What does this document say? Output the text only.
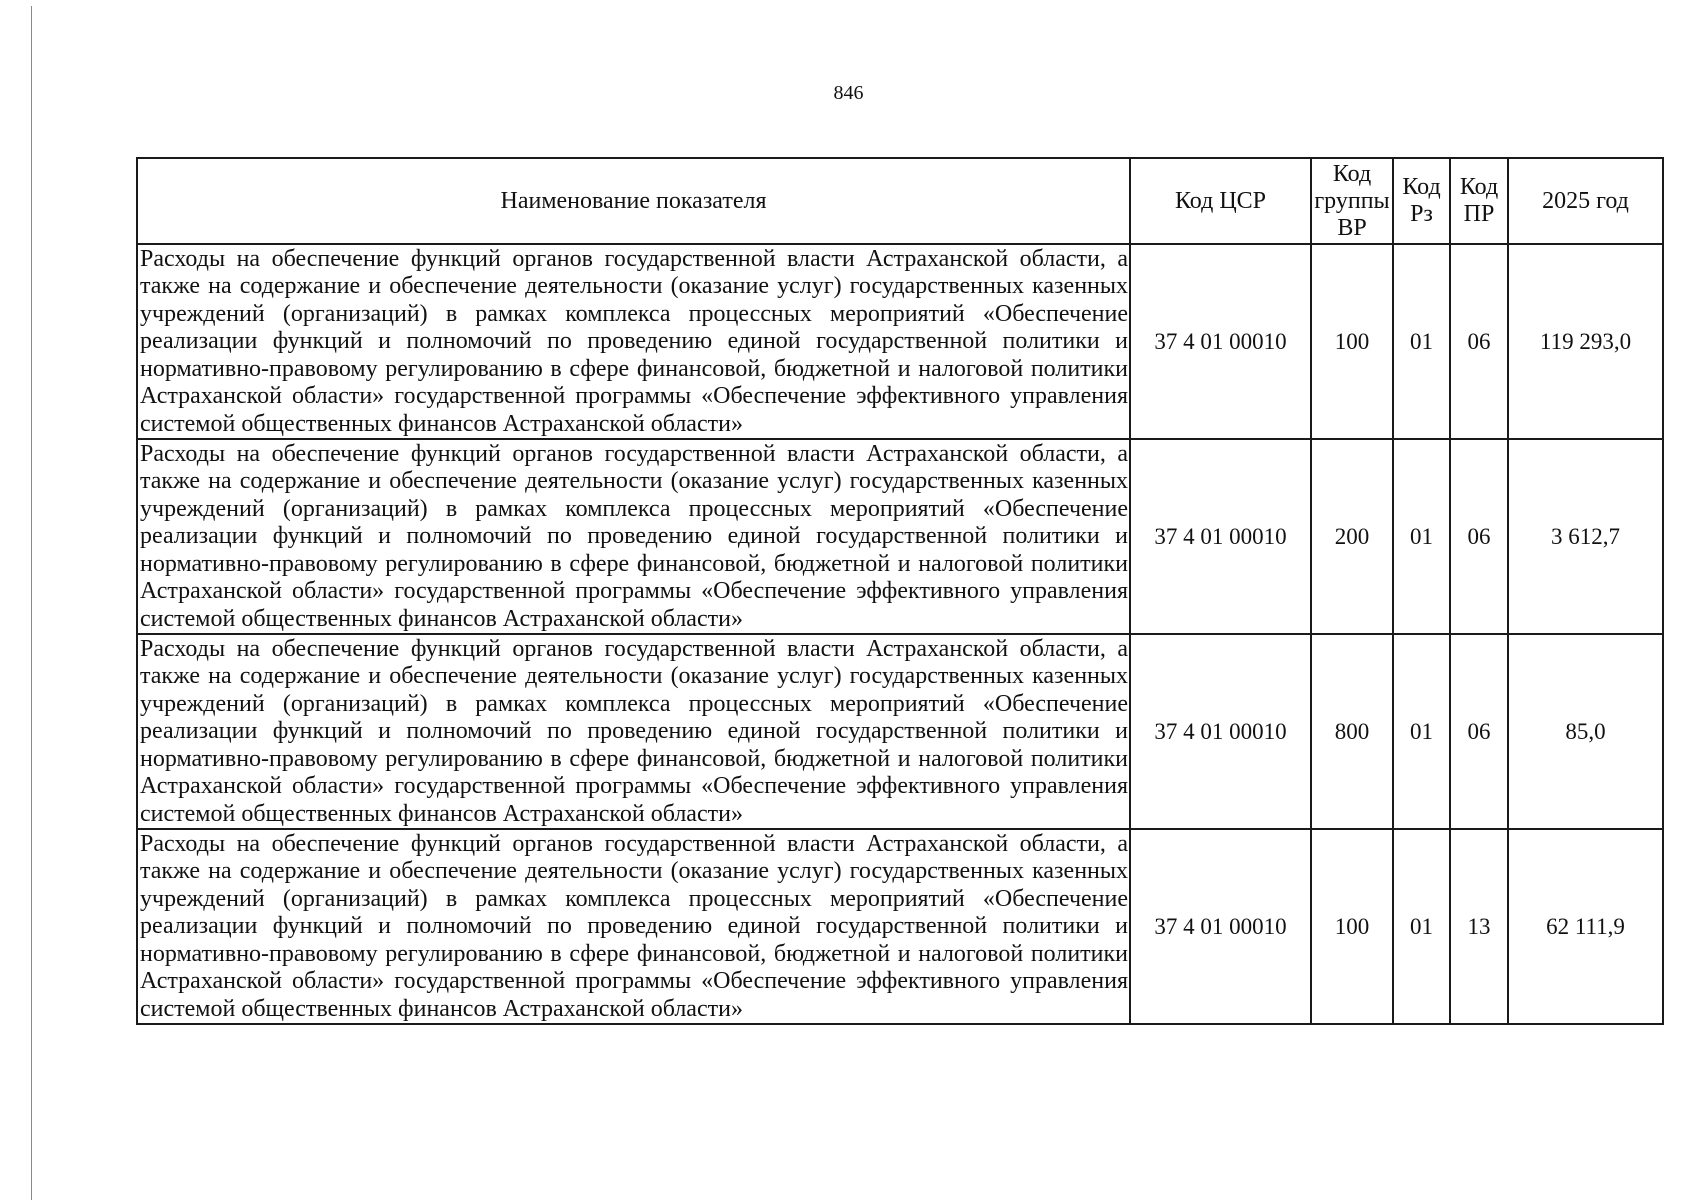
846
Наименование показателя	Код ЦСР	Код группы ВР	Код Рз	Код ПР	2025 год
Расходы на обеспечение функций органов государственной власти Астраханской области, а также на содержание и обеспечение деятельности (оказание услуг) государственных казенных учреждений (организаций) в рамках комплекса процессных мероприятий «Обеспечение реализации функций и полномочий по проведению единой государственной политики и нормативно-правовому регулированию в сфере финансовой, бюджетной и налоговой политики Астраханской области» государственной программы «Обеспечение эффективного управления системой общественных финансов Астраханской области»	37 4 01 00010	100	01	06	119 293,0
Расходы на обеспечение функций органов государственной власти Астраханской области, а также на содержание и обеспечение деятельности (оказание услуг) государственных казенных учреждений (организаций) в рамках комплекса процессных мероприятий «Обеспечение реализации функций и полномочий по проведению единой государственной политики и нормативно-правовому регулированию в сфере финансовой, бюджетной и налоговой политики Астраханской области» государственной программы «Обеспечение эффективного управления системой общественных финансов Астраханской области»	37 4 01 00010	200	01	06	3 612,7
Расходы на обеспечение функций органов государственной власти Астраханской области, а также на содержание и обеспечение деятельности (оказание услуг) государственных казенных учреждений (организаций) в рамках комплекса процессных мероприятий «Обеспечение реализации функций и полномочий по проведению единой государственной политики и нормативно-правовому регулированию в сфере финансовой, бюджетной и налоговой политики Астраханской области» государственной программы «Обеспечение эффективного управления системой общественных финансов Астраханской области»	37 4 01 00010	800	01	06	85,0
Расходы на обеспечение функций органов государственной власти Астраханской области, а также на содержание и обеспечение деятельности (оказание услуг) государственных казенных учреждений (организаций) в рамках комплекса процессных мероприятий «Обеспечение реализации функций и полномочий по проведению единой государственной политики и нормативно-правовому регулированию в сфере финансовой, бюджетной и налоговой политики Астраханской области» государственной программы «Обеспечение эффективного управления системой общественных финансов Астраханской области»	37 4 01 00010	100	01	13	62 111,9
